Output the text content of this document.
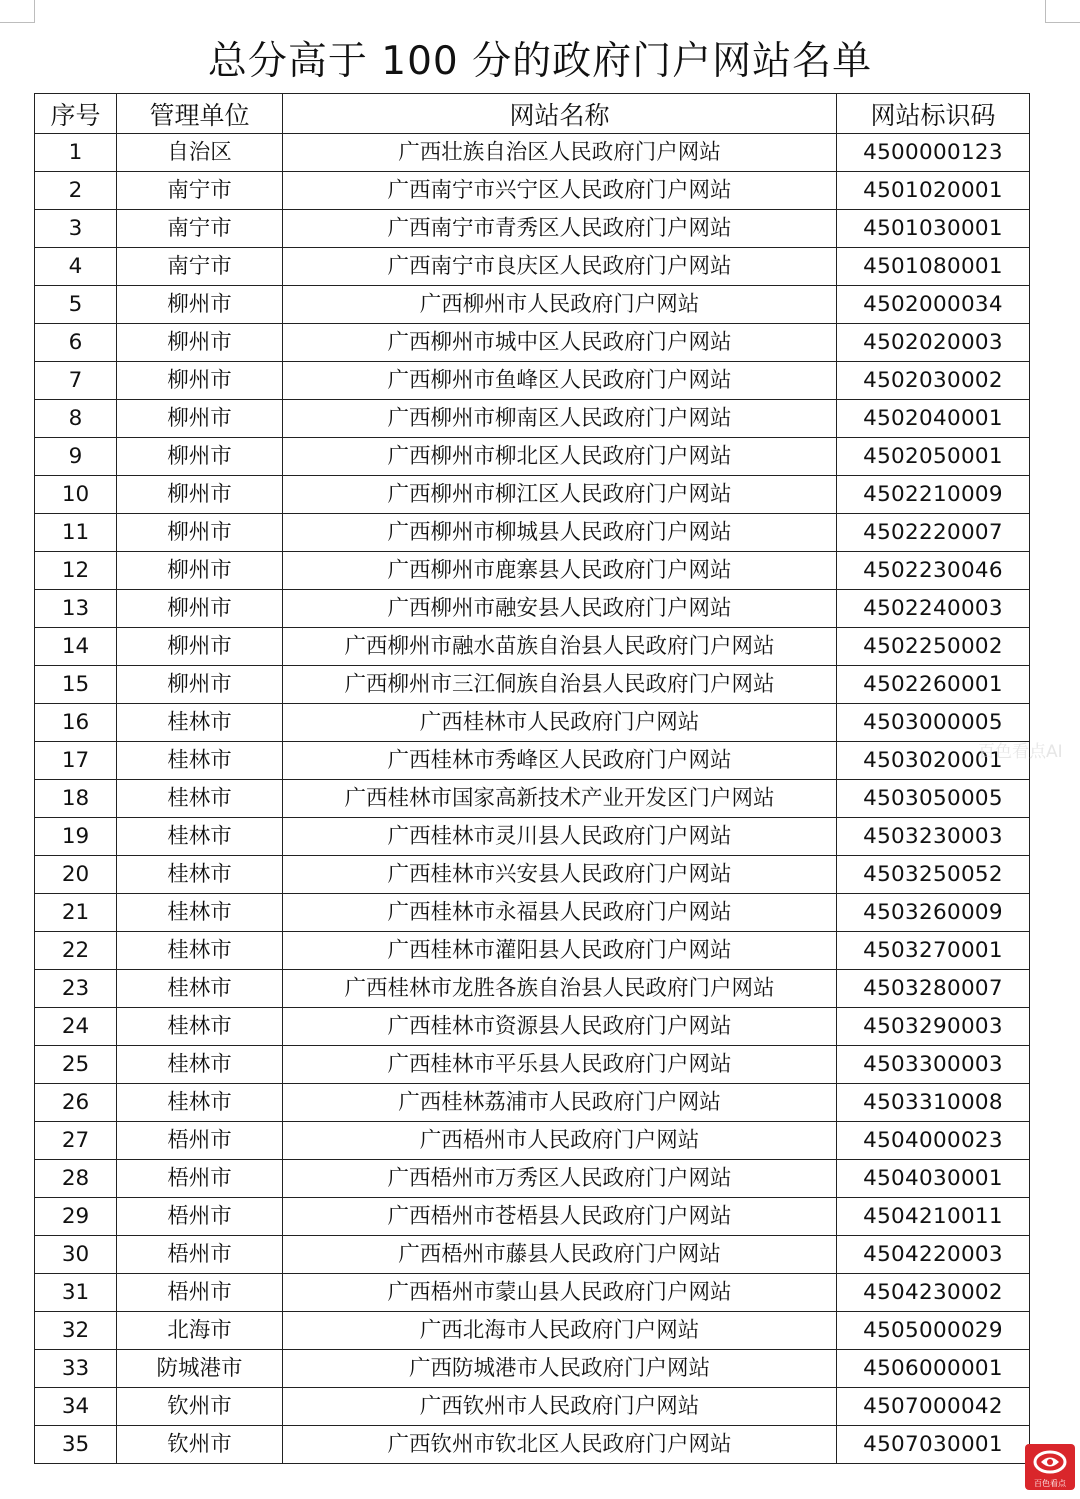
总分高于 100 分的政府门户网站名单
序号	管理单位	网站名称	网站标识码
1	自治区	广西壮族自治区人民政府门户网站	4500000123
2	南宁市	广西南宁市兴宁区人民政府门户网站	4501020001
3	南宁市	广西南宁市青秀区人民政府门户网站	4501030001
4	南宁市	广西南宁市良庆区人民政府门户网站	4501080001
5	柳州市	广西柳州市人民政府门户网站	4502000034
6	柳州市	广西柳州市城中区人民政府门户网站	4502020003
7	柳州市	广西柳州市鱼峰区人民政府门户网站	4502030002
8	柳州市	广西柳州市柳南区人民政府门户网站	4502040001
9	柳州市	广西柳州市柳北区人民政府门户网站	4502050001
10	柳州市	广西柳州市柳江区人民政府门户网站	4502210009
11	柳州市	广西柳州市柳城县人民政府门户网站	4502220007
12	柳州市	广西柳州市鹿寨县人民政府门户网站	4502230046
13	柳州市	广西柳州市融安县人民政府门户网站	4502240003
14	柳州市	广西柳州市融水苗族自治县人民政府门户网站	4502250002
15	柳州市	广西柳州市三江侗族自治县人民政府门户网站	4502260001
16	桂林市	广西桂林市人民政府门户网站	4503000005
17	桂林市	广西桂林市秀峰区人民政府门户网站	4503020001
18	桂林市	广西桂林市国家高新技术产业开发区门户网站	4503050005
19	桂林市	广西桂林市灵川县人民政府门户网站	4503230003
20	桂林市	广西桂林市兴安县人民政府门户网站	4503250052
21	桂林市	广西桂林市永福县人民政府门户网站	4503260009
22	桂林市	广西桂林市灌阳县人民政府门户网站	4503270001
23	桂林市	广西桂林市龙胜各族自治县人民政府门户网站	4503280007
24	桂林市	广西桂林市资源县人民政府门户网站	4503290003
25	桂林市	广西桂林市平乐县人民政府门户网站	4503300003
26	桂林市	广西桂林荔浦市人民政府门户网站	4503310008
27	梧州市	广西梧州市人民政府门户网站	4504000023
28	梧州市	广西梧州市万秀区人民政府门户网站	4504030001
29	梧州市	广西梧州市苍梧县人民政府门户网站	4504210011
30	梧州市	广西梧州市藤县人民政府门户网站	4504220003
31	梧州市	广西梧州市蒙山县人民政府门户网站	4504230002
32	北海市	广西北海市人民政府门户网站	4505000029
33	防城港市	广西防城港市人民政府门户网站	4506000001
34	钦州市	广西钦州市人民政府门户网站	4507000042
35	钦州市	广西钦州市钦北区人民政府门户网站	4507030001
百色看点AI
百色看点
